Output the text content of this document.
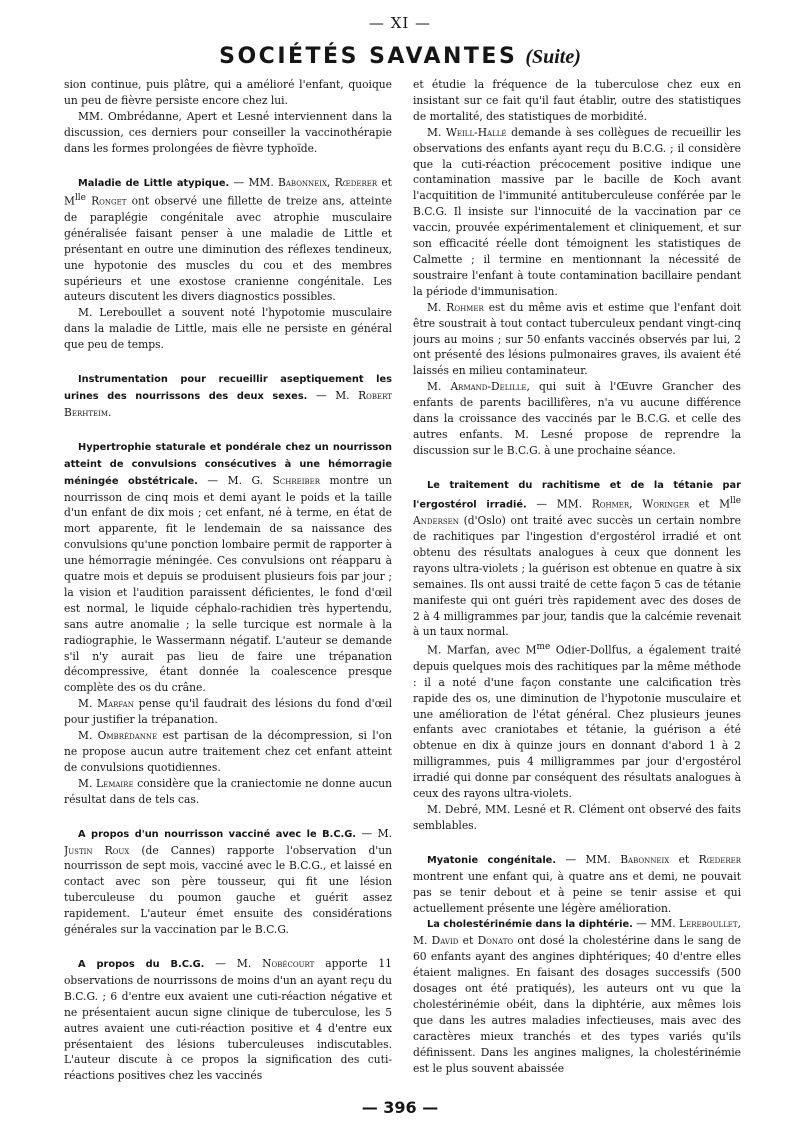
— XI —
SOCIÉTÉS SAVANTES (Suite)

sion continue, puis plâtre, qui a amélioré l'enfant, quoique un peu de fièvre persiste encore chez lui.

MM. Ombrédanne, Apert et Lesné interviennent dans la discussion, ces derniers pour conseiller la vaccinothérapie dans les formes prolongées de fièvre typhoïde.

Maladie de Little atypique. — MM. Babonneix, Rœderer et $M^{lle}$ Ronget ont observé une fillette de treize ans, atteinte de paraplégie congénitale avec atrophie musculaire généralisée faisant penser à une maladie de Little et présentant en outre une diminution des réflexes tendineux, une hypotonie des muscles du cou et des membres supérieurs et une exostose cranienne congénitale. Les auteurs discutent les divers diagnostics possibles.

M. Lereboullet a souvent noté l'hypotomie musculaire dans la maladie de Little, mais elle ne persiste en général que peu de temps.

Instrumentation pour recueillir aseptiquement les urines des nourrissons des deux sexes. — M. Robert Berhteim.

Hypertrophie staturale et pondérale chez un nourrisson atteint de convulsions consécutives à une hémorragie méningée obstétricale. — M. G. Schreiber montre un nourrisson de cinq mois et demi ayant le poids et la taille d'un enfant de dix mois ; cet enfant, né à terme, en état de mort apparente, fit le lendemain de sa naissance des convulsions qu'une ponction lombaire permit de rapporter à une hémorragie méningée. Ces convulsions ont réapparu à quatre mois et depuis se produisent plusieurs fois par jour ; la vision et l'audition paraissent déficientes, le fond d'œil est normal, le liquide céphalo-rachidien très hypertendu, sans autre anomalie ; la selle turcique est normale à la radiographie, le Wassermann négatif. L'auteur se demande s'il n'y aurait pas lieu de faire une trépanation décompressive, étant donnée la coalescence presque complète des os du crâne.

M. Marfan pense qu'il faudrait des lésions du fond d'œil pour justifier la trépanation.

M. Ombrédanne est partisan de la décompression, si l'on ne propose aucun autre traitement chez cet enfant atteint de convulsions quotidiennes.

M. Lemaire considère que la craniectomie ne donne aucun résultat dans de tels cas.

A propos d'un nourrisson vacciné avec le B.C.G. — M. Justin Roux (de Cannes) rapporte l'observation d'un nourrisson de sept mois, vacciné avec le B.C.G., et laissé en contact avec son père tousseur, qui fit une lésion tuberculeuse du poumon gauche et guérit assez rapidement. L'auteur émet ensuite des considérations générales sur la vaccination par le B.C.G.

A propos du B.C.G. — M. Nobécourt apporte 11 observations de nourrissons de moins d'un an ayant reçu du B.C.G. ; 6 d'entre eux avaient une cuti-réaction négative et ne présentaient aucun signe clinique de tuberculose, les 5 autres avaient une cuti-réaction positive et 4 d'entre eux présentaient des lésions tuberculeuses indiscutables. L'auteur discute à ce propos la signification des cuti-réactions positives chez les vaccinés

et étudie la fréquence de la tuberculose chez eux en insistant sur ce fait qu'il faut établir, outre des statistiques de mortalité, des statistiques de morbidité.

M. Weill-Hallé demande à ses collègues de recueillir les observations des enfants ayant reçu du B.C.G. ; il considère que la cuti-réaction précocement positive indique une contamination massive par le bacille de Koch avant l'acquitition de l'immunité antituberculeuse conférée par le B.C.G. Il insiste sur l'innocuité de la vaccination par ce vaccin, prouvée expérimentalement et cliniquement, et sur son efficacité réelle dont témoignent les statistiques de Calmette ; il termine en mentionnant la nécessité de soustraire l'enfant à toute contamination bacillaire pendant la période d'immunisation.

M. Rohmer est du même avis et estime que l'enfant doit être soustrait à tout contact tuberculeux pendant vingt-cinq jours au moins ; sur 50 enfants vaccinés observés par lui, 2 ont présenté des lésions pulmonaires graves, ils avaient été laissés en milieu contaminateur.

M. Armand-Delille, qui suit à l'Œuvre Grancher des enfants de parents bacillifères, n'a vu aucune différence dans la croissance des vaccinés par le B.C.G. et celle des autres enfants. M. Lesné propose de reprendre la discussion sur le B.C.G. à une prochaine séance.

Le traitement du rachitisme et de la tétanie par l'ergostérol irradié. — MM. Rohmer, Woringer et $M^{lle}$ Andersen (d'Oslo) ont traité avec succès un certain nombre de rachitiques par l'ingestion d'ergostérol irradié et ont obtenu des résultats analogues à ceux que donnent les rayons ultra-violets ; la guérison est obtenue en quatre à six semaines. Ils ont aussi traité de cette façon 5 cas de tétanie manifeste qui ont guéri très rapidement avec des doses de 2 à 4 milligrammes par jour, tandis que la calcémie revenait à un taux normal.

M. Marfan, avec $M^{me}$ Odier-Dollfus, a également traité depuis quelques mois des rachitiques par la même méthode : il a noté d'une façon constante une calcification très rapide des os, une diminution de l'hypotonie musculaire et une amélioration de l'état général. Chez plusieurs jeunes enfants avec craniotabes et tétanie, la guérison a été obtenue en dix à quinze jours en donnant d'abord 1 à 2 milligrammes, puis 4 milligrammes par jour d'ergostérol irradié qui donne par conséquent des résultats analogues à ceux des rayons ultra-violets.

M. Debré, MM. Lesné et R. Clément ont observé des faits semblables.

Myatonie congénitale. — MM. Babonneix et Rœderer montrent une enfant qui, à quatre ans et demi, ne pouvait pas se tenir debout et à peine se tenir assise et qui actuellement présente une légère amélioration.

La cholestérinémie dans la diphtérie. — MM. Lereboullet, M. David et Donato ont dosé la cholestérine dans le sang de 60 enfants ayant des angines diphtériques; 40 d'entre elles étaient malignes. En faisant des dosages successifs (500 dosages ont été pratiqués), les auteurs ont vu que la cholestérinémie obéit, dans la diphtérie, aux mêmes lois que dans les autres maladies infectieuses, mais avec des caractères mieux tranchés et des types variés qu'ils définissent. Dans les angines malignes, la cholestérinémie est le plus souvent abaissée

— 396 —
